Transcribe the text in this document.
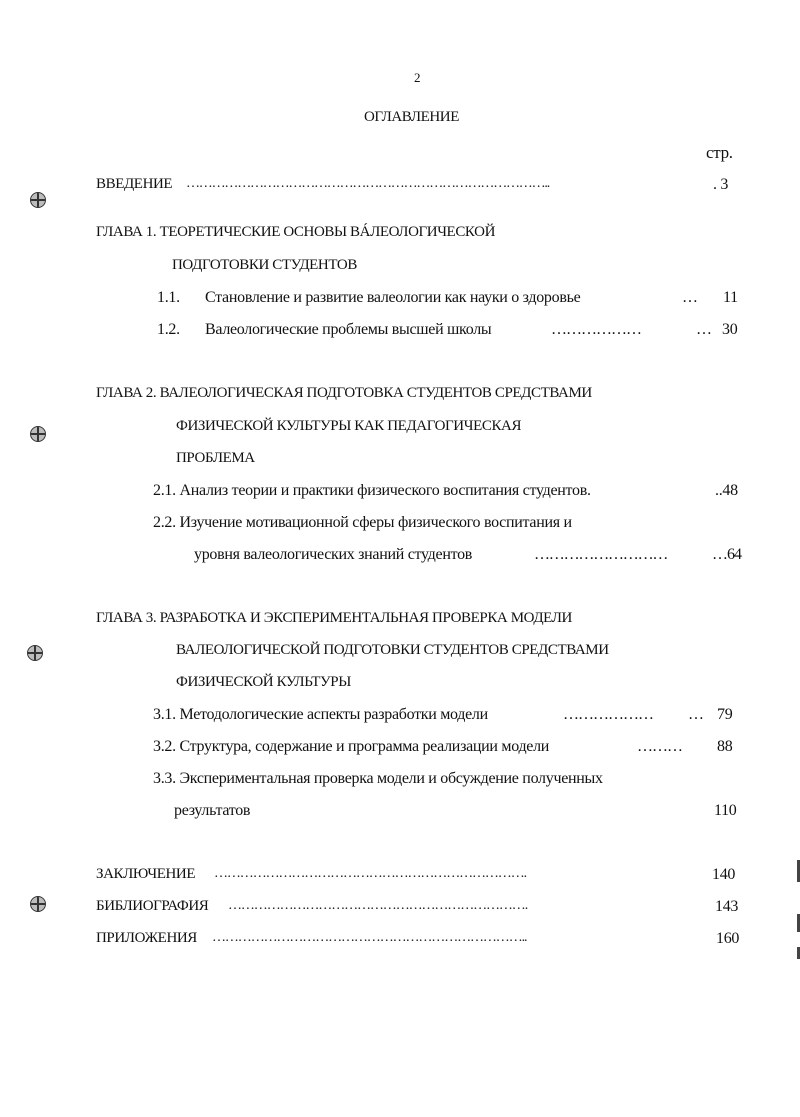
2
ОГЛАВЛЕНИЕ
стр.
ВВЕДЕНИЕ …………………………………………………………………………..	. 3
ГЛАВА 1. ТЕОРЕТИЧЕСКИЕ ОСНОВЫ ВÁЛЕОЛОГИЧЕСКОЙ
ПОДГОТОВКИ СТУДЕНТОВ
1.1. Становление и развитие валеологии как науки о здоровье	… 11
1.2. Валеологические проблемы высшей школы	………………	… 30
ГЛАВА 2. ВАЛЕОЛОГИЧЕСКАЯ ПОДГОТОВКА СТУДЕНТОВ СРЕДСТВАМИ
ФИЗИЧЕСКОЙ КУЛЬТУРЫ КАК ПЕДАГОГИЧЕСКАЯ
ПРОБЛЕМА
2.1. Анализ теории и практики физического воспитания студентов.	..48
2.2. Изучение мотивационной сферы физического воспитания и
уровня валеологических знаний студентов	………………………	…64
ГЛАВА 3. РАЗРАБОТКА И ЭКСПЕРИМЕНТАЛЬНАЯ ПРОВЕРКА МОДЕЛИ
ВАЛЕОЛОГИЧЕСКОЙ ПОДГОТОВКИ СТУДЕНТОВ СРЕДСТВАМИ
ФИЗИЧЕСКОЙ КУЛЬТУРЫ
3.1. Методологические аспекты разработки модели	……………… … 79
3.2. Структура, содержание и программа реализации модели	……… 88
3.3. Экспериментальная проверка модели и обсуждение полученных
результатов	110
ЗАКЛЮЧЕНИЕ ……………………………………………………………….	140
БИБЛИОГРАФИЯ …………………………………………………………….	143
ПРИЛОЖЕНИЯ ………………………………………………………………..	160
